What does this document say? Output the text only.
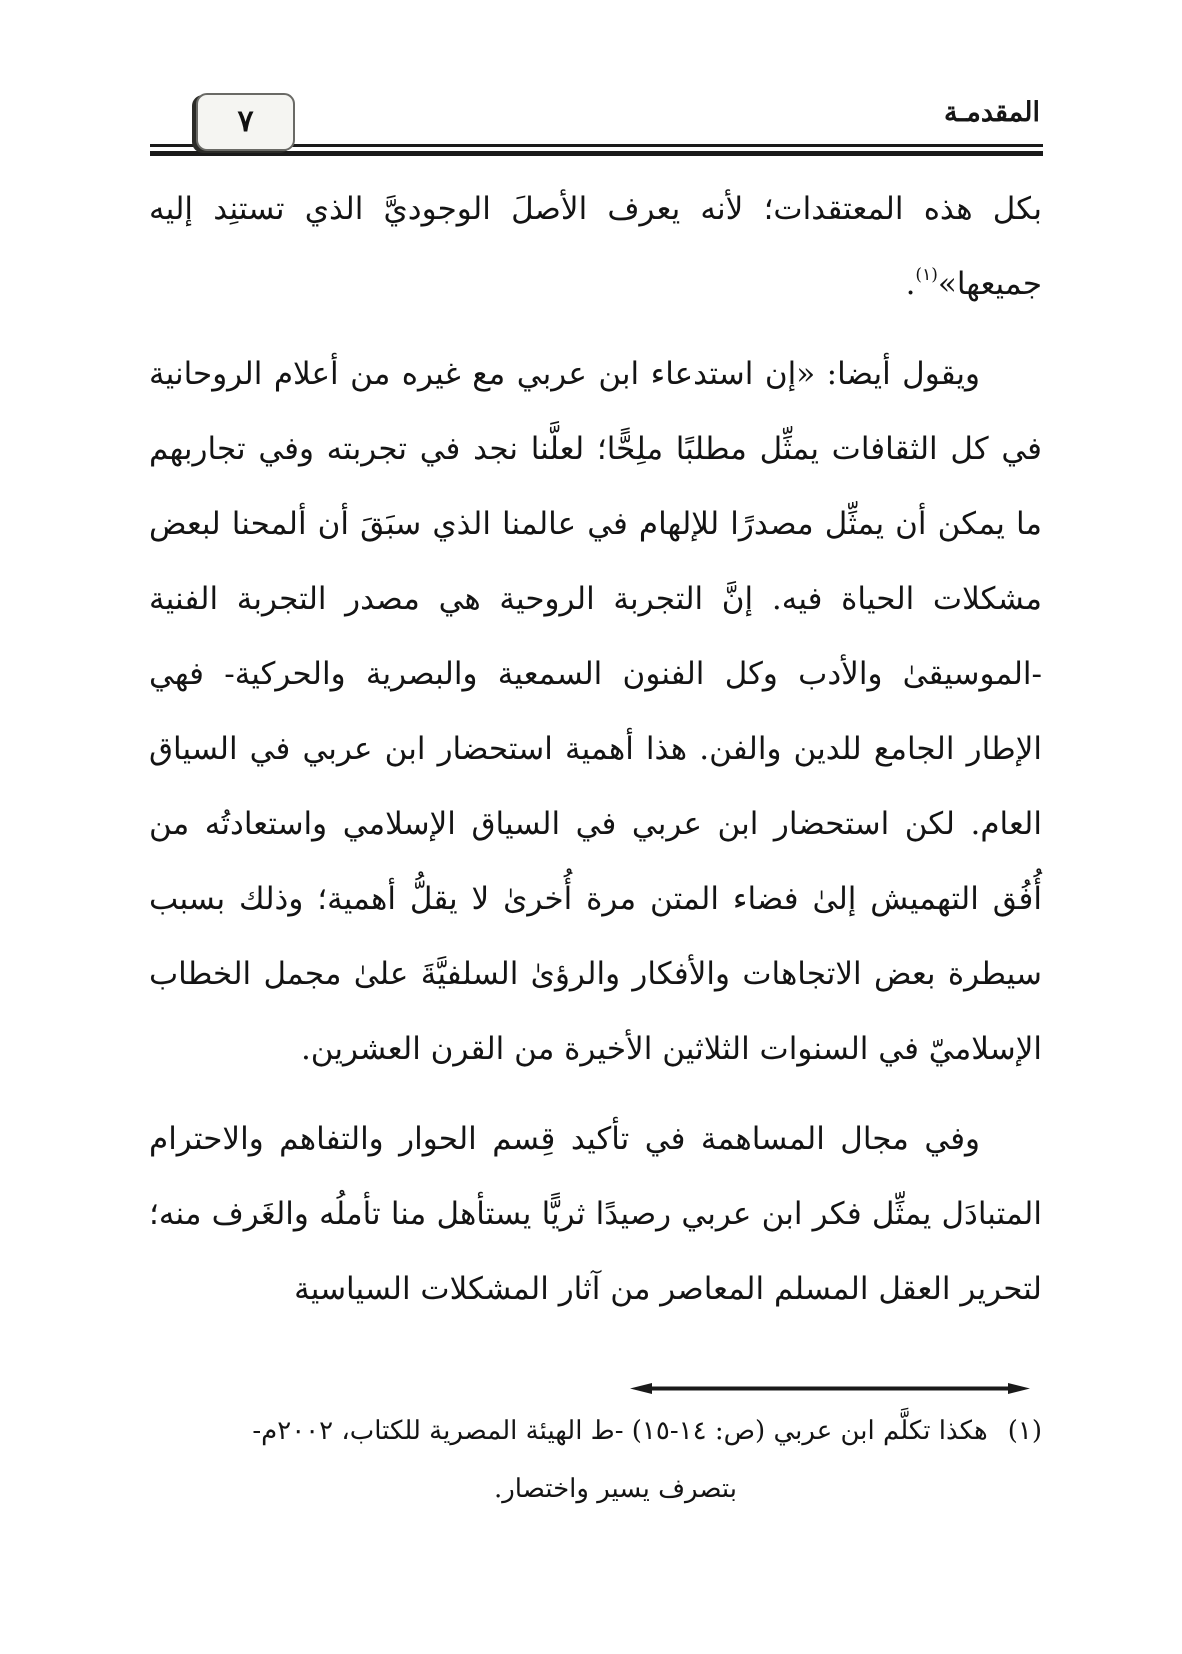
٧	المقدمـة

بكل هذه المعتقدات؛ لأنه يعرف الأصلَ الوجوديَّ الذي تستنِد إليه جميعها»$^{(١)}$.

ويقول أيضا: «إن استدعاء ابن عربي مع غيره من أعلام الروحانية في كل الثقافات يمثِّل مطلبًا ملِحًّا؛ لعلَّنا نجد في تجربته وفي تجاربهم ما يمكن أن يمثِّل مصدرًا للإلهام في عالمنا الذي سبَقَ أن ألمحنا لبعض مشكلات الحياة فيه. إنَّ التجربة الروحية هي مصدر التجربة الفنية -الموسيقىٰ والأدب وكل الفنون السمعية والبصرية والحركية- فهي الإطار الجامع للدين والفن. هذا أهمية استحضار ابن عربي في السياق العام. لكن استحضار ابن عربي في السياق الإسلامي واستعادتُه من أُفُق التهميش إلىٰ فضاء المتن مرة أُخرىٰ لا يقلُّ أهمية؛ وذلك بسبب سيطرة بعض الاتجاهات والأفكار والرؤىٰ السلفيَّةَ علىٰ مجمل الخطاب الإسلاميّ في السنوات الثلاثين الأخيرة من القرن العشرين.

وفي مجال المساهمة في تأكيد قِسم الحوار والتفاهم والاحترام المتبادَل يمثِّل فكر ابن عربي رصيدًا ثريًّا يستأهل منا تأملُه والغَرف منه؛ لتحرير العقل المسلم المعاصر من آثار المشكلات السياسية

(١)
هكذا تكلَّم ابن عربي (ص: ١٤-١٥) -ط الهيئة المصرية للكتاب، ٢٠٠٢م-
بتصرف يسير واختصار.
